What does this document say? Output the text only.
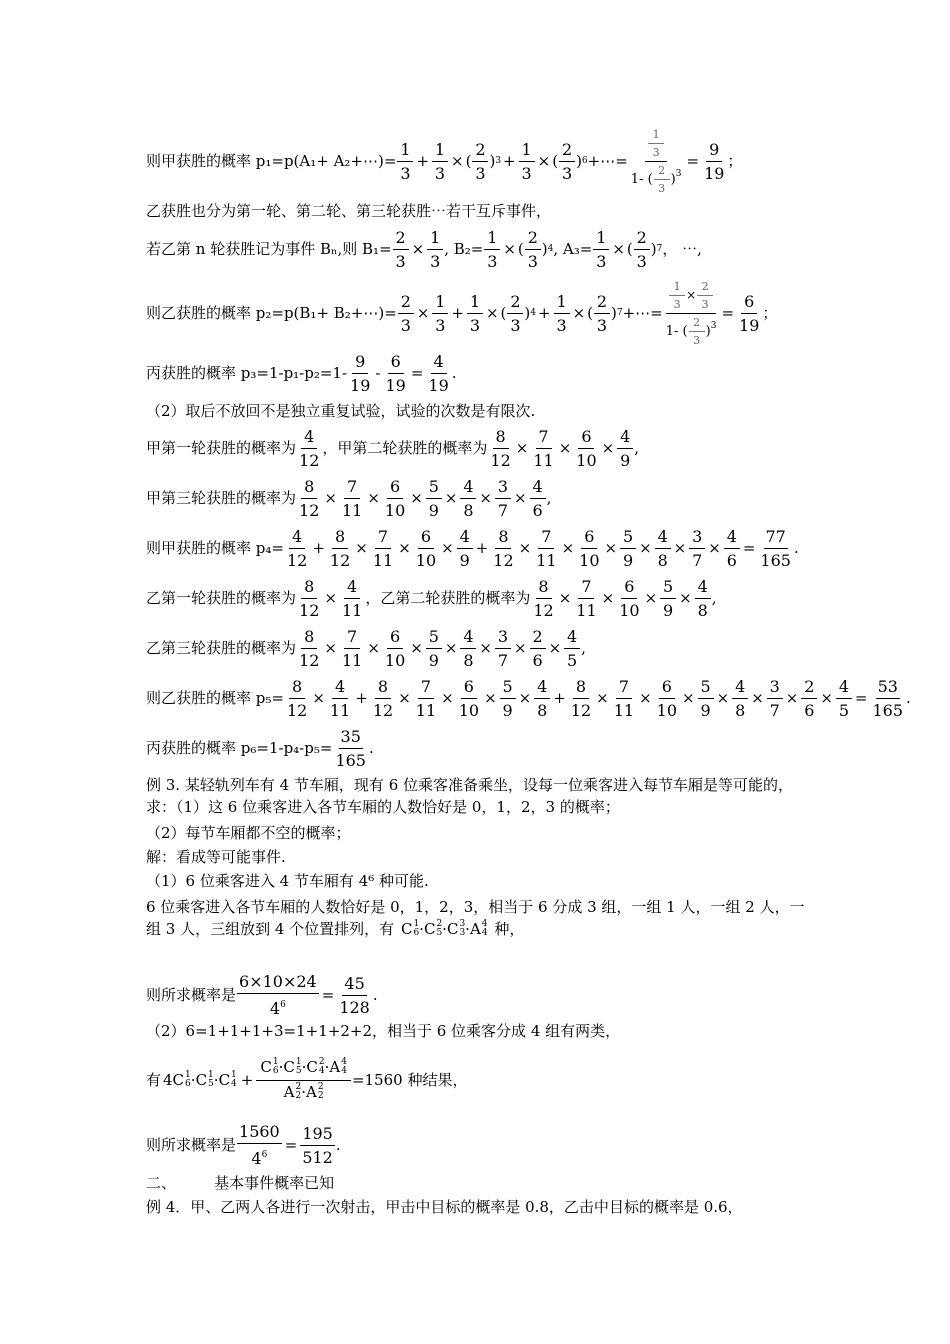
则甲获胜的概率 p₁=p(A₁+ A₂+⋯)= $\frac{1}{3} + \frac{1}{3}$ × ( $\frac{2}{3}$ ) $3 + \frac{1}{3}$ × ( $\frac{2}{3}$ ) 6 +⋯= $\frac{\frac{1}{3}}{1- ( \frac{2}{3} )^3} = \frac{9}{19}$ ；
乙获胜也分为第一轮、第二轮、第三轮获胜⋯若干互斥事件，
若乙第 n 轮获胜记为事件 Bₙ,则 $B_1= \frac{2}{3} \times \frac{1}{3}$ , $B_2= \frac{1}{3}$ × ( $\frac{2}{3}$ ) 4 , $A_3= \frac{1}{3}$ × ( $\frac{2}{3}$ ) 7 ， ⋯,
则乙获胜的概率 p₂=p(B₁+ B₂+⋯)= $\frac{2}{3} \times \frac{1}{3} + \frac{1}{3}$ × ( $\frac{2}{3}$ ) $4 + \frac{1}{3}$ × ( $\frac{2}{3}$ ) 7 +⋯= $\frac{\frac{1}{3} \times \frac{2}{3}}{1- ( \frac{2}{3} )^3} = \frac{6}{19}$ ；
丙获胜的概率 $p_3=1-p_1-p_2=1- \frac{9}{19} - \frac{6}{19} = \frac{4}{19}$ .
（2）取后不放回不是独立重复试验，试验的次数是有限次.
甲第一轮获胜的概率为 $\frac{4}{12}$ ，甲第二轮获胜的概率为 $\frac{8}{12} \times \frac{7}{11} \times \frac{6}{10} \times \frac{4}{9}$ ,
甲第三轮获胜的概率为 $\frac{8}{12} \times \frac{7}{11} \times \frac{6}{10} \times \frac{5}{9} \times \frac{4}{8} \times \frac{3}{7} \times \frac{4}{6}$ ,
则甲获胜的概率 $p_4= \frac{4}{12} + \frac{8}{12} \times \frac{7}{11} \times \frac{6}{10} \times \frac{4}{9} + \frac{8}{12} \times \frac{7}{11} \times \frac{6}{10} \times \frac{5}{9} \times \frac{4}{8} \times \frac{3}{7} \times \frac{4}{6} = \frac{77}{165}$ .
乙第一轮获胜的概率为 $\frac{8}{12} \times \frac{4}{11}$ ，乙第二轮获胜的概率为 $\frac{8}{12} \times \frac{7}{11} \times \frac{6}{10} \times \frac{5}{9} \times \frac{4}{8}$ ,
乙第三轮获胜的概率为 $\frac{8}{12} \times \frac{7}{11} \times \frac{6}{10} \times \frac{5}{9} \times \frac{4}{8} \times \frac{3}{7} \times \frac{2}{6} \times \frac{4}{5}$ ,
则乙获胜的概率 $p_5= \frac{8}{12} \times \frac{4}{11} + \frac{8}{12} \times \frac{7}{11} \times \frac{6}{10} \times \frac{5}{9} \times \frac{4}{8} + \frac{8}{12} \times \frac{7}{11} \times \frac{6}{10} \times \frac{5}{9} \times \frac{4}{8} \times \frac{3}{7} \times \frac{2}{6} \times \frac{4}{5} = \frac{53}{165}$ .
丙获胜的概率 $p_6=1-p_4-p_5= \frac{35}{165}$ .
例 3. 某轻轨列车有 4 节车厢，现有 6 位乘客准备乘坐，设每一位乘客进入每节车厢是等可能的，求：（1）这 6 位乘客进入各节车厢的人数恰好是 0，1，2，3 的概率；
（2）每节车厢都不空的概率；
解：看成等可能事件.
（1）6 位乘客进入 4 节车厢有 4⁶ 种可能.
6 位乘客进入各节车厢的人数恰好是 0，1，2，3，相当于 6 分成 3 组，一组 1 人，一组 2 人，一组 3 人，三组放到 4 个位置排列，有 C 1
6 · C 2
5 · C 3
3 · A 4
4 种，
则所求概率是 $\frac{6\times 10\times 24}{4^6} = \frac{45}{128}$ .
（2）6=1+1+1+3=1+1+2+2，相当于 6 位乘客分成 4 组有两类，
有 4C 1
6 · C 1
5 · C 1
4 + C 1
6 · C 1
5 · C 2
4 · A 4
4
A 2
2 · A 2
2 =1560 种结果，
则所求概率是 $\frac{1560}{4^6} = \frac{195}{512}$ .
二、        基本事件概率已知
例 4．甲、乙两人各进行一次射击，甲击中目标的概率是 0.8，乙击中目标的概率是 0.6，
